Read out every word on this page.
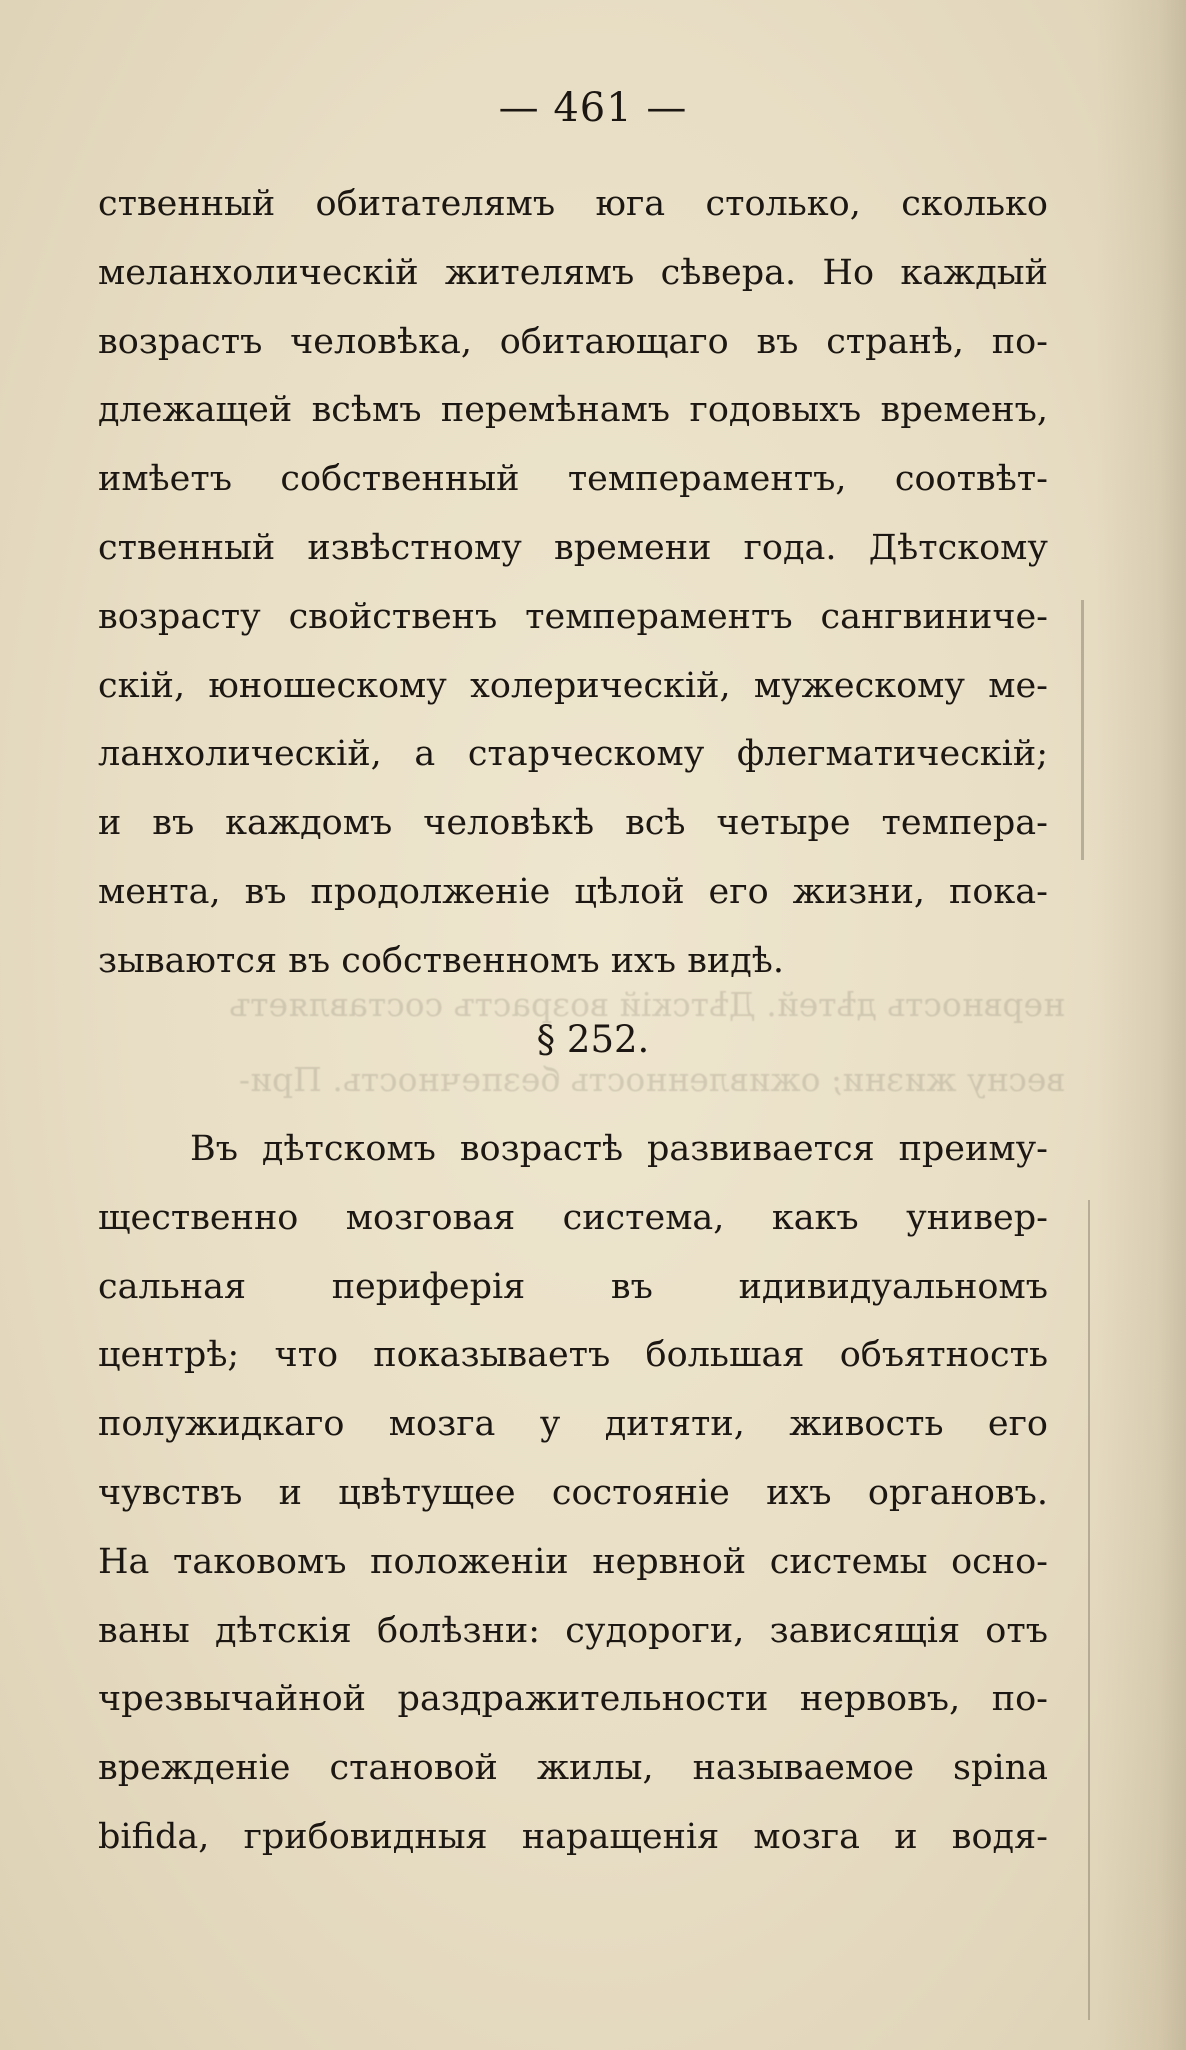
нервность дѣтей. Дѣтскій возрастъ составляетъ
весну жизни; оживленность безпечность. При-
— 461 —
ственный обитателямъ юга столько, сколько
меланхолическій жителямъ сѣвера. Но каждый
возрастъ человѣка, обитающаго въ странѣ, по-
длежащей всѣмъ перемѣнамъ годовыхъ временъ,
имѣетъ собственный темпераментъ, соотвѣт-
ственный извѣстному времени года. Дѣтскому
возрасту свойственъ темпераментъ сангвиниче-
скій, юношескому холерическій, мужескому ме-
ланхолическій, а старческому флегматическій;
и въ каждомъ человѣкѣ всѣ четыре темпера-
мента, въ продолженіе цѣлой его жизни, пока-
зываются въ собственномъ ихъ видѣ.
§ 252.
Въ дѣтскомъ возрастѣ развивается преиму-
щественно мозговая система, какъ универ-
сальная периферія въ идивидуальномъ
центрѣ; что показываетъ большая объятность
полужидкаго мозга у дитяти, живость его
чувствъ и цвѣтущее состояніе ихъ органовъ.
На таковомъ положеніи нервной системы осно-
ваны дѣтскія болѣзни: судороги, зависящія отъ
чрезвычайной раздражительности нервовъ, по-
врежденіе становой жилы, называемое spina
bifida, грибовидныя наращенія мозга и водя-
